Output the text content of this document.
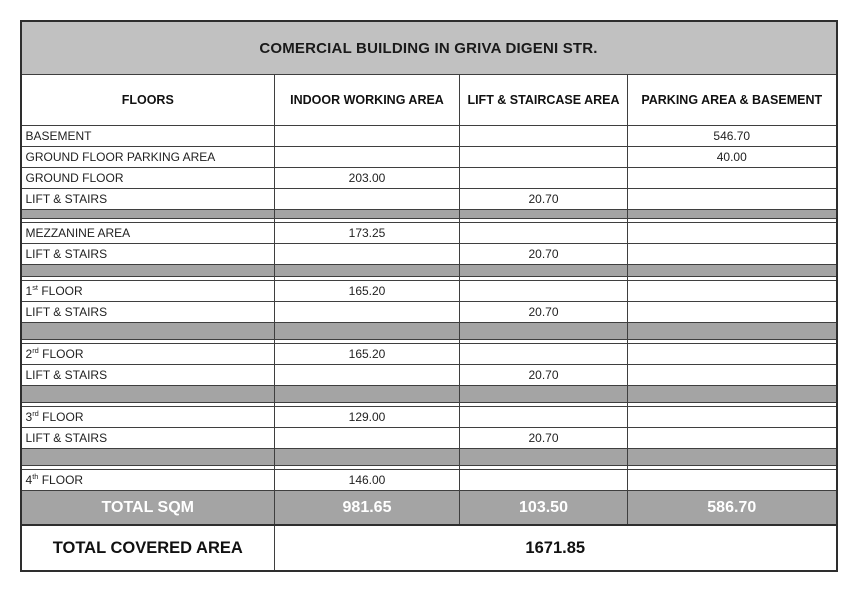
COMERCIAL BUILDING IN GRIVA DIGENI STR.			
FLOORS	INDOOR WORKING AREA	LIFT & STAIRCASE AREA	PARKING AREA & BASEMENT
BASEMENT			546.70
GROUND FLOOR PARKING AREA			40.00
GROUND FLOOR	203.00		
LIFT & STAIRS		20.70	

MEZZANINE AREA	173.25		
LIFT & STAIRS		20.70	

1st FLOOR	165.20		
LIFT & STAIRS		20.70	

2rd FLOOR	165.20		
LIFT & STAIRS		20.70	

3rd FLOOR	129.00		
LIFT & STAIRS		20.70	

4th FLOOR	146.00		
TOTAL SQM	981.65	103.50	586.70
TOTAL COVERED AREA	1671.85		
